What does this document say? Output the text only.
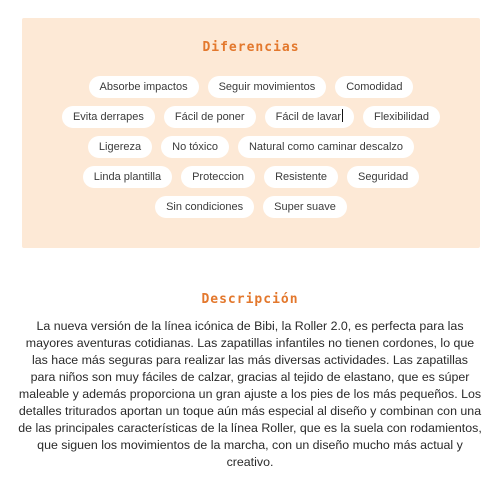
Diferencias
Absorbe impactos	Seguir movimientos	Comodidad
Evita derrapes	Fácil de poner	Fácil de lavar	Flexibilidad
Ligereza	No tóxico	Natural como caminar descalzo
Linda plantilla	Proteccion	Resistente	Seguridad
Sin condiciones	Super suave
Descripción
La nueva versión de la línea icónica de Bibi, la Roller 2.0, es perfecta para las mayores aventuras cotidianas. Las zapatillas infantiles no tienen cordones, lo que las hace más seguras para realizar las más diversas actividades. Las zapatillas para niños son muy fáciles de calzar, gracias al tejido de elastano, que es súper maleable y además proporciona un gran ajuste a los pies de los más pequeños. Los detalles triturados aportan un toque aún más especial al diseño y combinan con una de las principales características de la línea Roller, que es la suela con rodamientos, que siguen los movimientos de la marcha, con un diseño mucho más actual y creativo.
